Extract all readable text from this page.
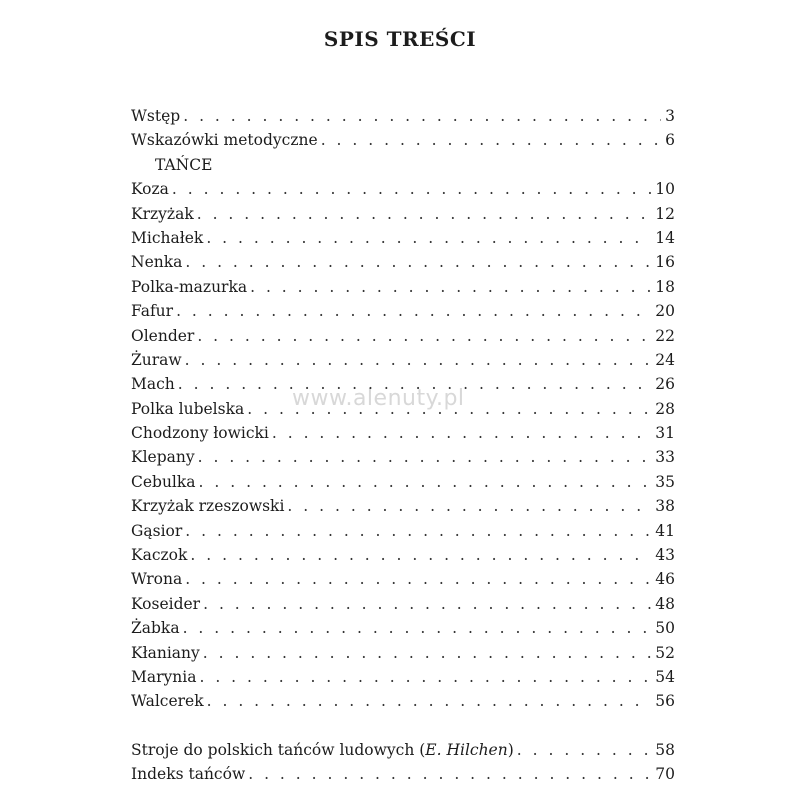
SPIS TREŚCI
www.alenuty.pl
Wstęp . . .	3
Wskazówki metodyczne . . .	6
TAŃCE
Koza . . .	10
Krzyżak . . .	12
Michałek . . .	14
Nenka . . .	16
Polka-mazurka . . .	18
Fafur . . .	20
Olender . . .	22
Żuraw . . .	24
Mach . . .	26
Polka lubelska . . .	28
Chodzony łowicki . . .	31
Klepany . . .	33
Cebulka . . .	35
Krzyżak rzeszowski . . .	38
Gąsior . . .	41
Kaczok . . .	43
Wrona . . .	46
Koseider . . .	48
Żabka . . .	50
Kłaniany . . .	52
Marynia . . .	54
Walcerek . . .	56
Stroje do polskich tańców ludowych (E. Hilchen) . . .	58
Indeks tańców . . .	70
